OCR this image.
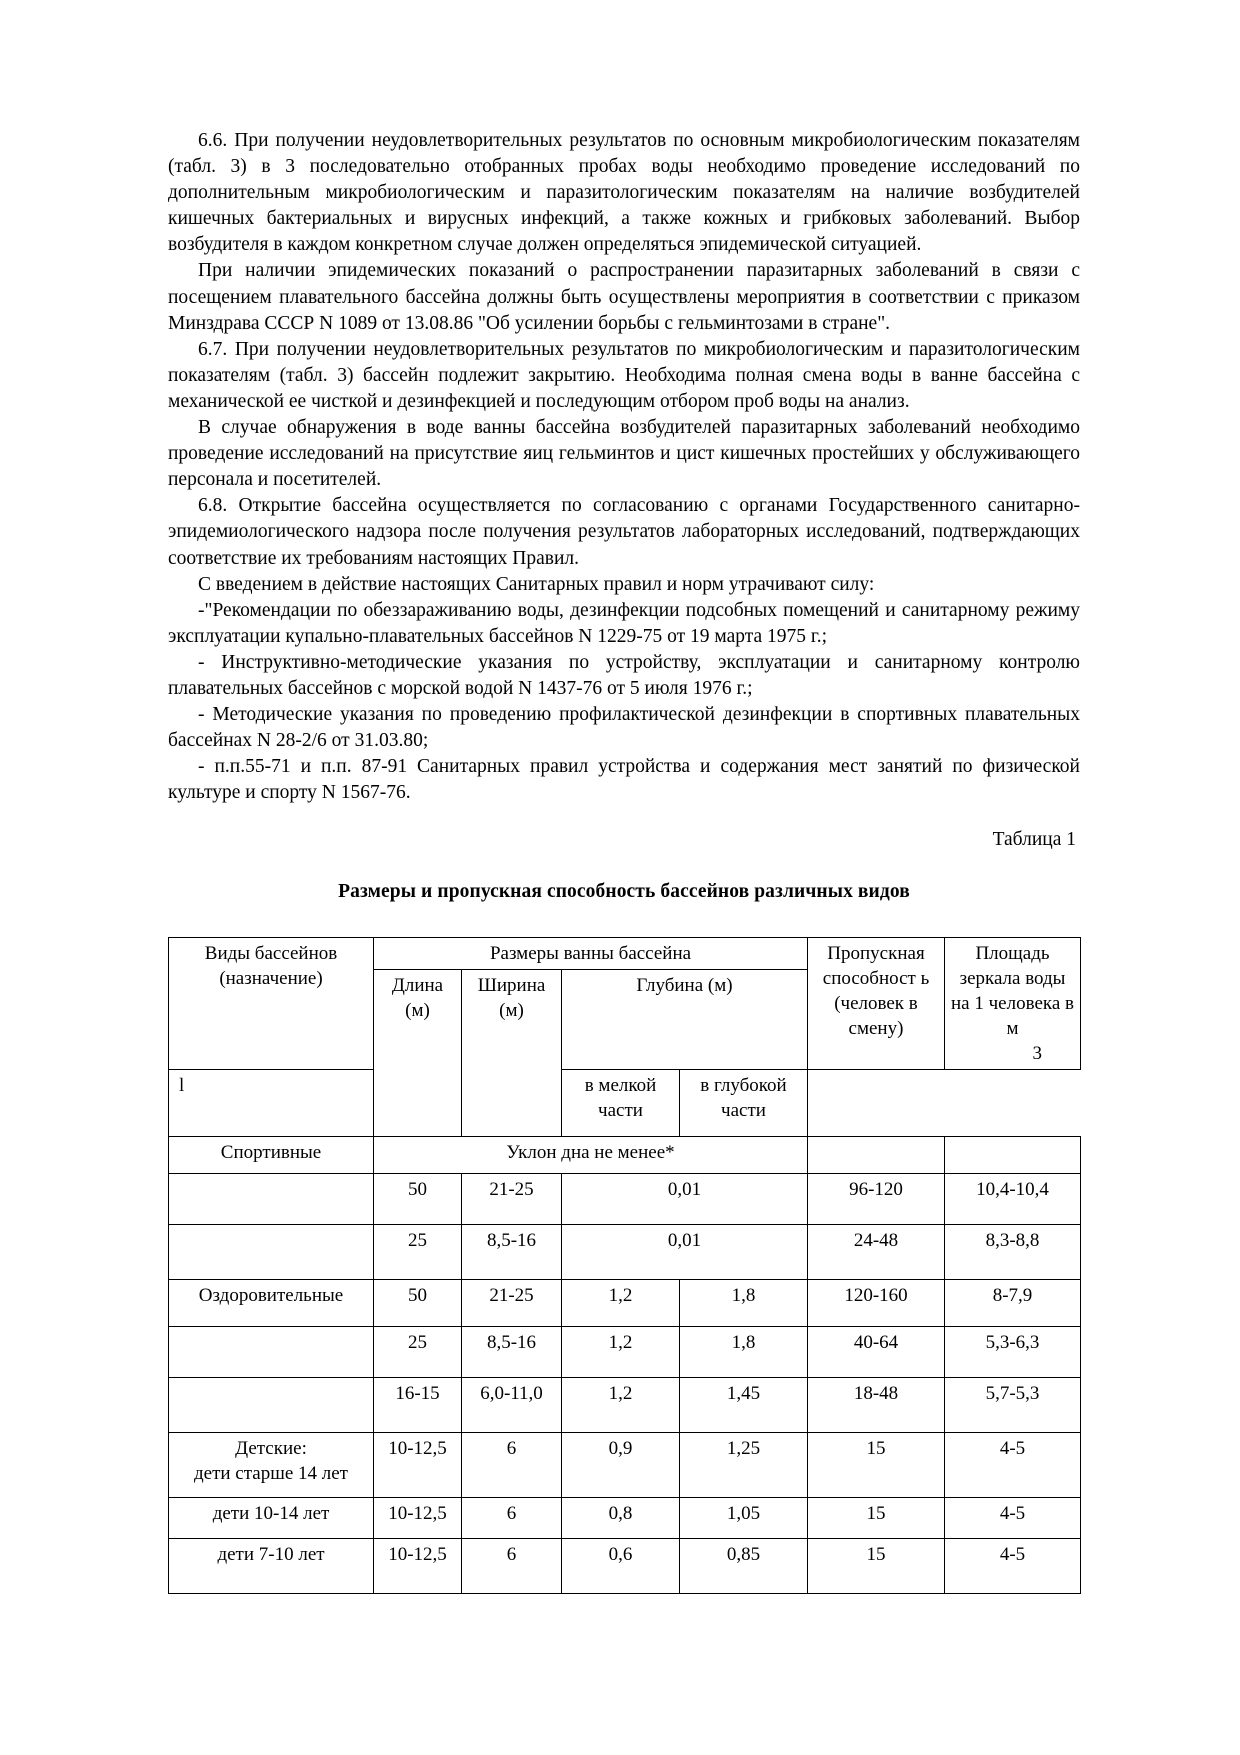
6.6. При получении неудовлетворительных результатов по основным микробиологическим показателям (табл. 3) в 3 последовательно отобранных пробах воды необходимо проведение исследований по дополнительным микробиологическим и паразитологическим показателям на наличие возбудителей кишечных бактериальных и вирусных инфекций, а также кожных и грибковых заболеваний. Выбор возбудителя в каждом конкретном случае должен определяться эпидемической ситуацией.

При наличии эпидемических показаний о распространении паразитарных заболеваний в связи с посещением плавательного бассейна должны быть осуществлены мероприятия в соответствии с приказом Минздрава СССР N 1089 от 13.08.86 "Об усилении борьбы с гельминтозами в стране".

6.7. При получении неудовлетворительных результатов по микробиологическим и паразитологическим показателям (табл. 3) бассейн подлежит закрытию. Необходима полная смена воды в ванне бассейна с механической ее чисткой и дезинфекцией и последующим отбором проб воды на анализ.

В случае обнаружения в воде ванны бассейна возбудителей паразитарных заболеваний необходимо проведение исследований на присутствие яиц гельминтов и цист кишечных простейших у обслуживающего персонала и посетителей.

6.8. Открытие бассейна осуществляется по согласованию с органами Государственного санитарно-эпидемиологического надзора после получения результатов лабораторных исследований, подтверждающих соответствие их требованиям настоящих Правил.

С введением в действие настоящих Санитарных правил и норм утрачивают силу:

-"Рекомендации по обеззараживанию воды, дезинфекции подсобных помещений и санитарному режиму эксплуатации купально-плавательных бассейнов N 1229-75 от 19 марта 1975 г.;

- Инструктивно-методические указания по устройству, эксплуатации и санитарному контролю плавательных бассейнов с морской водой N 1437-76 от 5 июля 1976 г.;

- Методические указания по проведению профилактической дезинфекции в спортивных плавательных бассейнах N 28-2/6 от 31.03.80;

- п.п.55-71 и п.п. 87-91 Санитарных правил устройства и содержания мест занятий по физической культуре и спорту N 1567-76.

Таблица 1
Размеры и пропускная способность бассейнов различных видов
Виды бассейнов (назначение)	Размеры ванны бассейна				Пропускная способност ь (человек в смену)	Площадь зеркала воды на 1 человека в м
3

	Длина (м)	Ширина (м)	Глубина (м)			
l			в мелкой части	в глубокой части		
Спортивные	Уклон дна не менее*					
	50	21-25	0,01		96-120	10,4-10,4
	25	8,5-16	0,01		24-48	8,3-8,8
Оздоровительные	50	21-25	1,2	1,8	120-160	8-7,9
	25	8,5-16	1,2	1,8	40-64	5,3-6,3
	16-15	6,0-11,0	1,2	1,45	18-48	5,7-5,3
Детские:
дети старше 14 лет	10-12,5	6	0,9	1,25	15	4-5
дети 10-14 лет	10-12,5	6	0,8	1,05	15	4-5
дети 7-10 лет	10-12,5	6	0,6	0,85	15	4-5
